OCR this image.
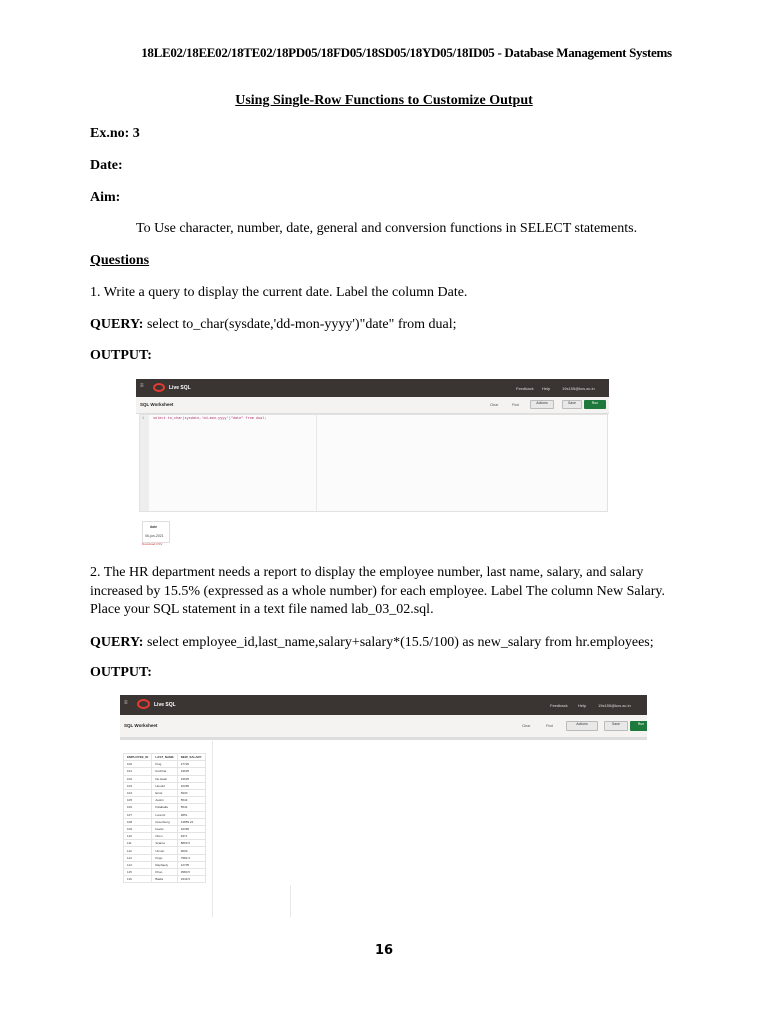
18LE02/18EE02/18TE02/18PD05/18FD05/18SD05/18YD05/18ID05 - Database Management Systems
Using Single-Row Functions to Customize Output
Ex.no: 3
Date:
Aim:
To Use character, number, date, general and conversion functions in SELECT statements.
Questions
1. Write a query to display the current date. Label the column Date.
QUERY: select to_char(sysdate,'dd-mon-yyyy')"date" from dual;
OUTPUT:
≡	Live SQL	Feedback Help	19s155@kcs.ac.in
SQL Worksheet	Clear	Find	Actions	Save	Run
1	select to_char(sysdate,'dd-mon-yyyy')"date" from dual;
date
06-jun-2021
Download CSV
2. The HR department needs a report to display the employee number, last name, salary, and salary increased by 15.5% (expressed as a whole number) for each employee. Label The column New Salary. Place your SQL statement in a text file named lab_03_02.sql.
QUERY: select employee_id,last_name,salary+salary*(15.5/100) as new_salary from hr.employees;
OUTPUT:
≡	Live SQL	Feedback	Help	19s155@kcs.ac.in
SQL Worksheet	Clear	Find	Actions	Save	Run
EMPLOYEE_ID	LAST_NAME	NEW_SALARY
100	King	27720
101	Kochhar	19635
102	De Haan	19635
103	Hunold	10395
104	Ernst	6930
105	Austin	5544
106	Pataballa	5544
107	Lorentz	4851
108	Greenberg	13859.24
109	Faviet	10395
110	Chen	9471
111	Sciarra	8893.5
112	Urman	9009
113	Popp	7982.3
114	Raphaely	12705
115	Khoo	3580.5
116	Baida	3349.5
16
